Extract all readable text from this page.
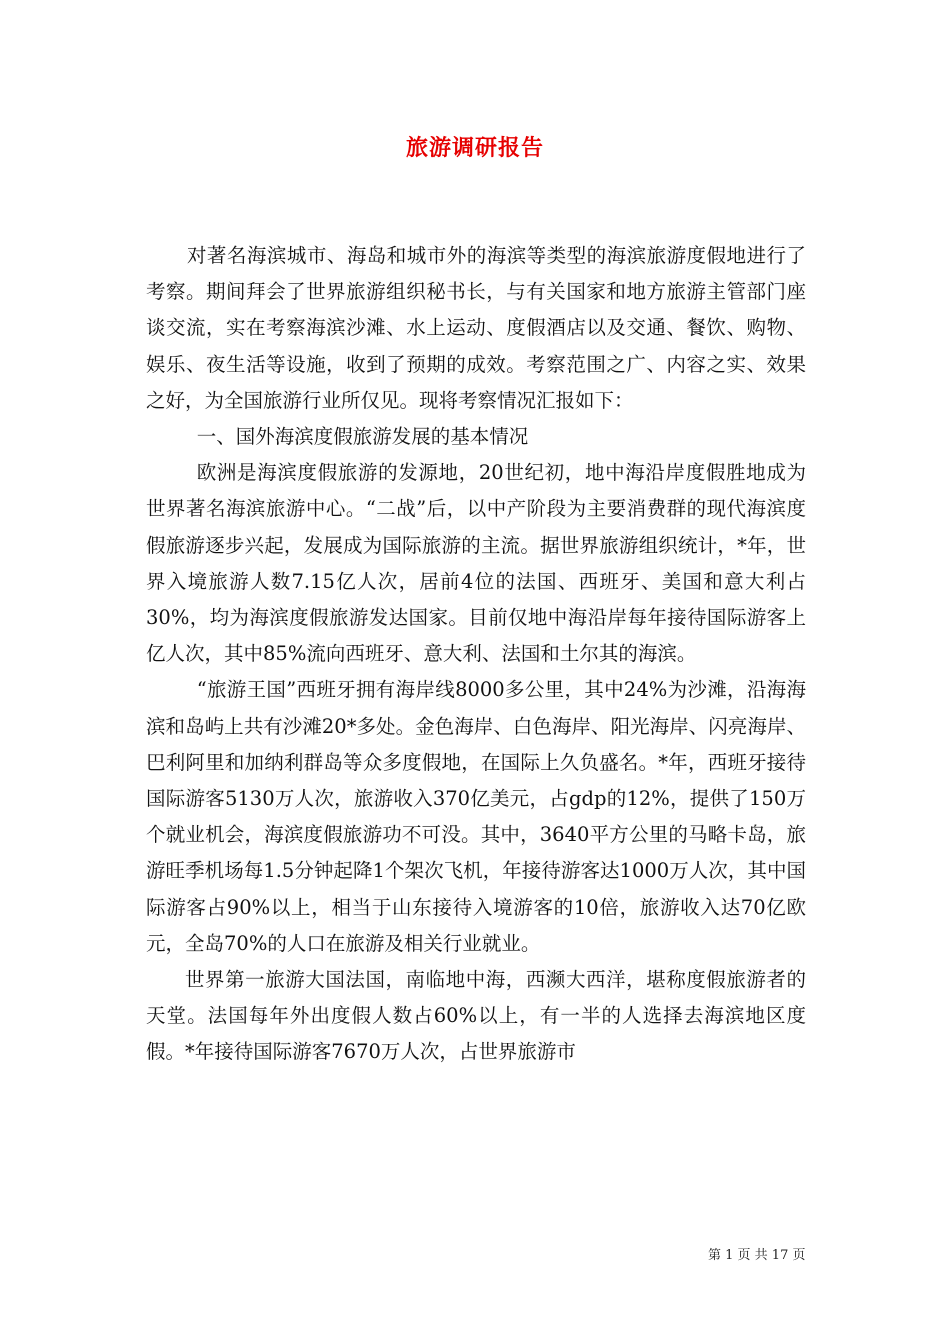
旅游调研报告

对著名海滨城市、海岛和城市外的海滨等类型的海滨旅游度假地进行了考察。期间拜会了世界旅游组织秘书长，与有关国家和地方旅游主管部门座谈交流，实在考察海滨沙滩、水上运动、度假酒店以及交通、餐饮、购物、娱乐、夜生活等设施，收到了预期的成效。考察范围之广、内容之实、效果之好，为全国旅游行业所仅见。现将考察情况汇报如下：

一、国外海滨度假旅游发展的基本情况

欧洲是海滨度假旅游的发源地，20世纪初，地中海沿岸度假胜地成为世界著名海滨旅游中心。“二战”后，以中产阶段为主要消费群的现代海滨度假旅游逐步兴起，发展成为国际旅游的主流。据世界旅游组织统计，*年，世界入境旅游人数7.15亿人次，居前4位的法国、西班牙、美国和意大利占30%，均为海滨度假旅游发达国家。目前仅地中海沿岸每年接待国际游客上亿人次，其中85%流向西班牙、意大利、法国和土尔其的海滨。

“旅游王国”西班牙拥有海岸线8000多公里，其中24%为沙滩，沿海海滨和岛屿上共有沙滩20*多处。金色海岸、白色海岸、阳光海岸、闪亮海岸、巴利阿里和加纳利群岛等众多度假地，在国际上久负盛名。*年，西班牙接待国际游客5130万人次，旅游收入370亿美元，占gdp的12%，提供了150万个就业机会，海滨度假旅游功不可没。其中，3640平方公里的马略卡岛，旅游旺季机场每1.5分钟起降1个架次飞机，年接待游客达1000万人次，其中国际游客占90%以上，相当于山东接待入境游客的10倍，旅游收入达70亿欧元，全岛70%的人口在旅游及相关行业就业。

世界第一旅游大国法国，南临地中海，西濒大西洋，堪称度假旅游者的天堂。法国每年外出度假人数占60%以上，有一半的人选择去海滨地区度假。*年接待国际游客7670万人次，占世界旅游市

第 1 页 共 17 页
